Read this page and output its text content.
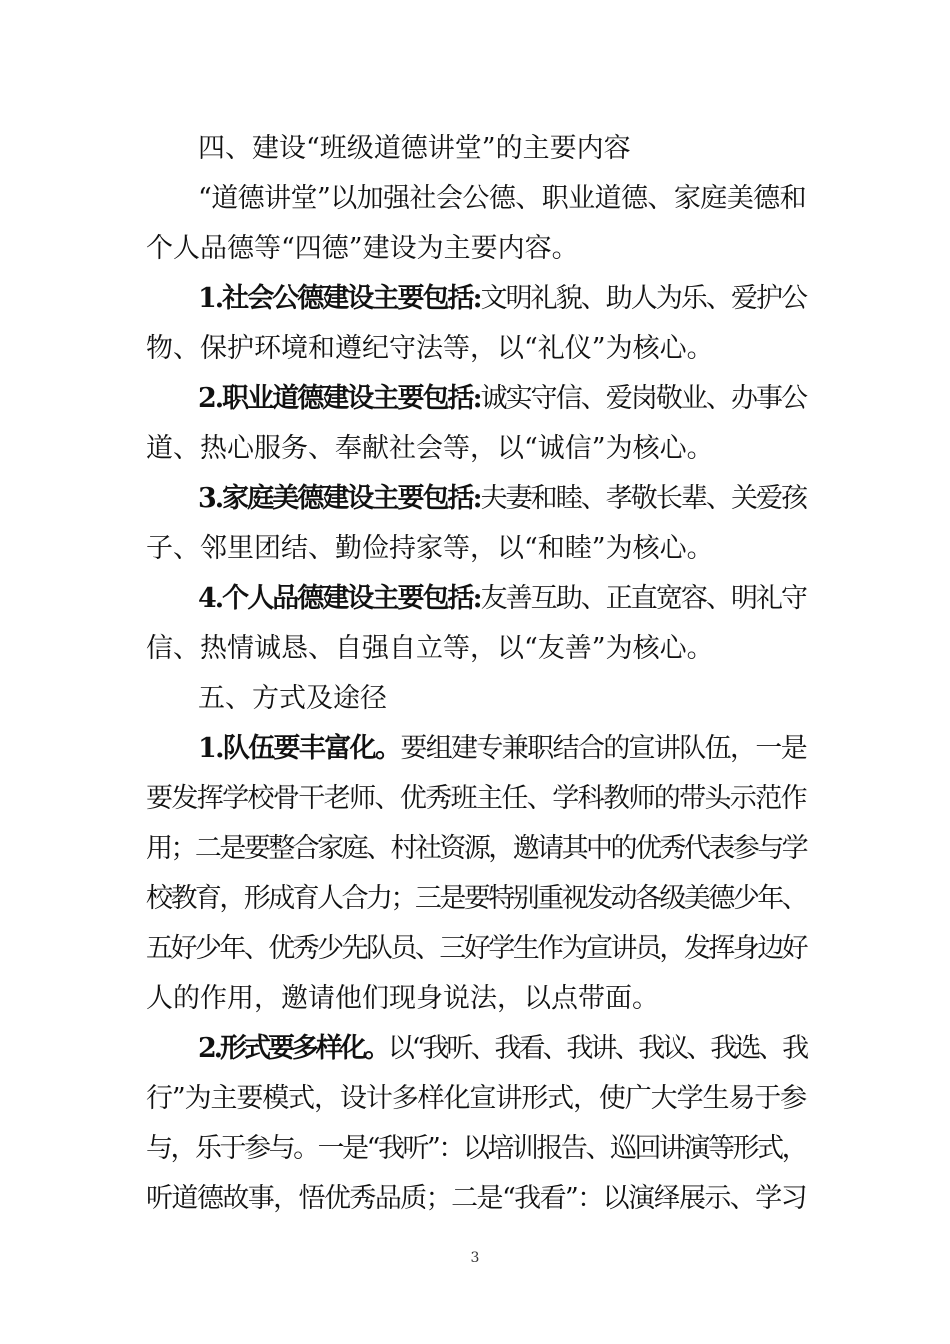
四、建设“班级道德讲堂”的主要内容
“道德讲堂”以加强社会公德、职业道德、家庭美德和
个人品德等“四德”建设为主要内容。
1.社会公德建设主要包括:文明礼貌、助人为乐、爱护公
物、保护环境和遵纪守法等，以“礼仪”为核心。
2.职业道德建设主要包括:诚实守信、爱岗敬业、办事公
道、热心服务、奉献社会等，以“诚信”为核心。
3.家庭美德建设主要包括:夫妻和睦、孝敬长辈、关爱孩
子、邻里团结、勤俭持家等，以“和睦”为核心。
4.个人品德建设主要包括:友善互助、正直宽容、明礼守
信、热情诚恳、自强自立等，以“友善”为核心。
五、方式及途径
1.队伍要丰富化。要组建专兼职结合的宣讲队伍，一是
要发挥学校骨干老师、优秀班主任、学科教师的带头示范作
用；二是要整合家庭、村社资源，邀请其中的优秀代表参与学
校教育，形成育人合力；三是要特别重视发动各级美德少年、
五好少年、优秀少先队员、三好学生作为宣讲员，发挥身边好
人的作用，邀请他们现身说法，以点带面。
2.形式要多样化。以“我听、我看、我讲、我议、我选、我
行”为主要模式，设计多样化宣讲形式，使广大学生易于参
与，乐于参与。一是“我听”：以培训报告、巡回讲演等形式，
听道德故事，悟优秀品质；二是“我看”：以演绎展示、学习
3
